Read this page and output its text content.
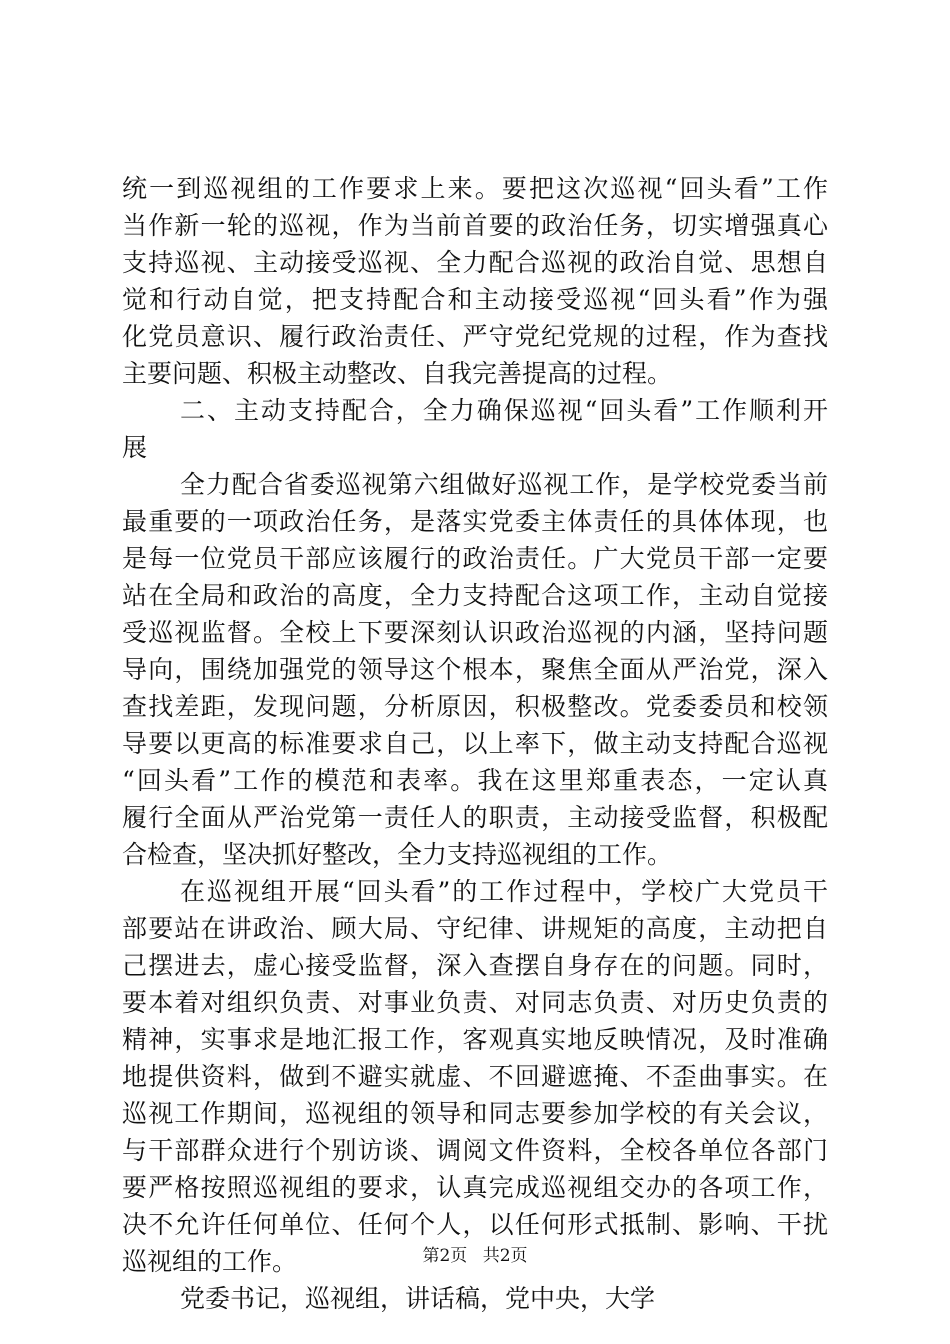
统一到巡视组的工作要求上来。要把这次巡视“回头看”工作
当作新一轮的巡视，作为当前首要的政治任务，切实增强真心
支持巡视、主动接受巡视、全力配合巡视的政治自觉、思想自
觉和行动自觉，把支持配合和主动接受巡视“回头看”作为强
化党员意识、履行政治责任、严守党纪党规的过程，作为查找
主要问题、积极主动整改、自我完善提高的过程。
二、主动支持配合，全力确保巡视“回头看”工作顺利开
展
全力配合省委巡视第六组做好巡视工作，是学校党委当前
最重要的一项政治任务，是落实党委主体责任的具体体现，也
是每一位党员干部应该履行的政治责任。广大党员干部一定要
站在全局和政治的高度，全力支持配合这项工作，主动自觉接
受巡视监督。全校上下要深刻认识政治巡视的内涵，坚持问题
导向，围绕加强党的领导这个根本，聚焦全面从严治党，深入
查找差距，发现问题，分析原因，积极整改。党委委员和校领
导要以更高的标准要求自己，以上率下，做主动支持配合巡视
“回头看”工作的模范和表率。我在这里郑重表态，一定认真
履行全面从严治党第一责任人的职责，主动接受监督，积极配
合检查，坚决抓好整改，全力支持巡视组的工作。
在巡视组开展“回头看”的工作过程中，学校广大党员干
部要站在讲政治、顾大局、守纪律、讲规矩的高度，主动把自
己摆进去，虚心接受监督，深入查摆自身存在的问题。同时，
要本着对组织负责、对事业负责、对同志负责、对历史负责的
精神，实事求是地汇报工作，客观真实地反映情况，及时准确
地提供资料，做到不避实就虚、不回避遮掩、不歪曲事实。在
巡视工作期间，巡视组的领导和同志要参加学校的有关会议，
与干部群众进行个别访谈、调阅文件资料，全校各单位各部门
要严格按照巡视组的要求，认真完成巡视组交办的各项工作，
决不允许任何单位、任何个人，以任何形式抵制、影响、干扰
巡视组的工作。
党委书记，巡视组，讲话稿，党中央，大学
第2页 共2页
